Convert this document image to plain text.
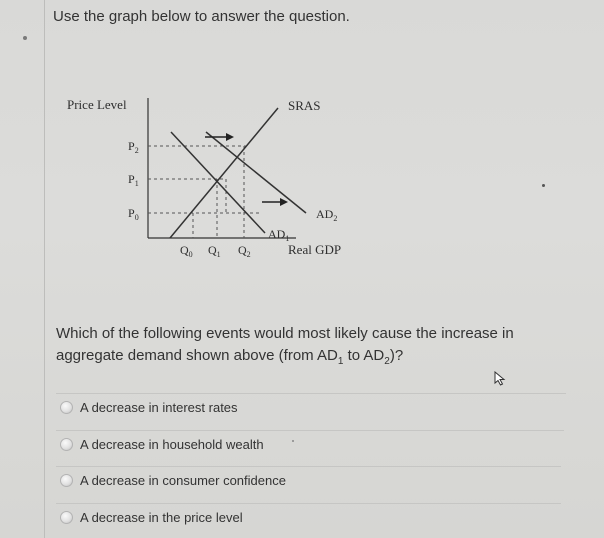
Use the graph below to answer the question.
Price Level	SRAS
$P_2$
$P_1$
$P_0$
$Q_0$ $Q_1$ $Q_2$
$AD_1$
$AD_2$
Real GDP
Which of the following events would most likely cause the increase in aggregate demand shown above (from $AD_1$ to $AD_2$)?
A decrease in interest rates
A decrease in household wealth
A decrease in consumer confidence
A decrease in the price level
